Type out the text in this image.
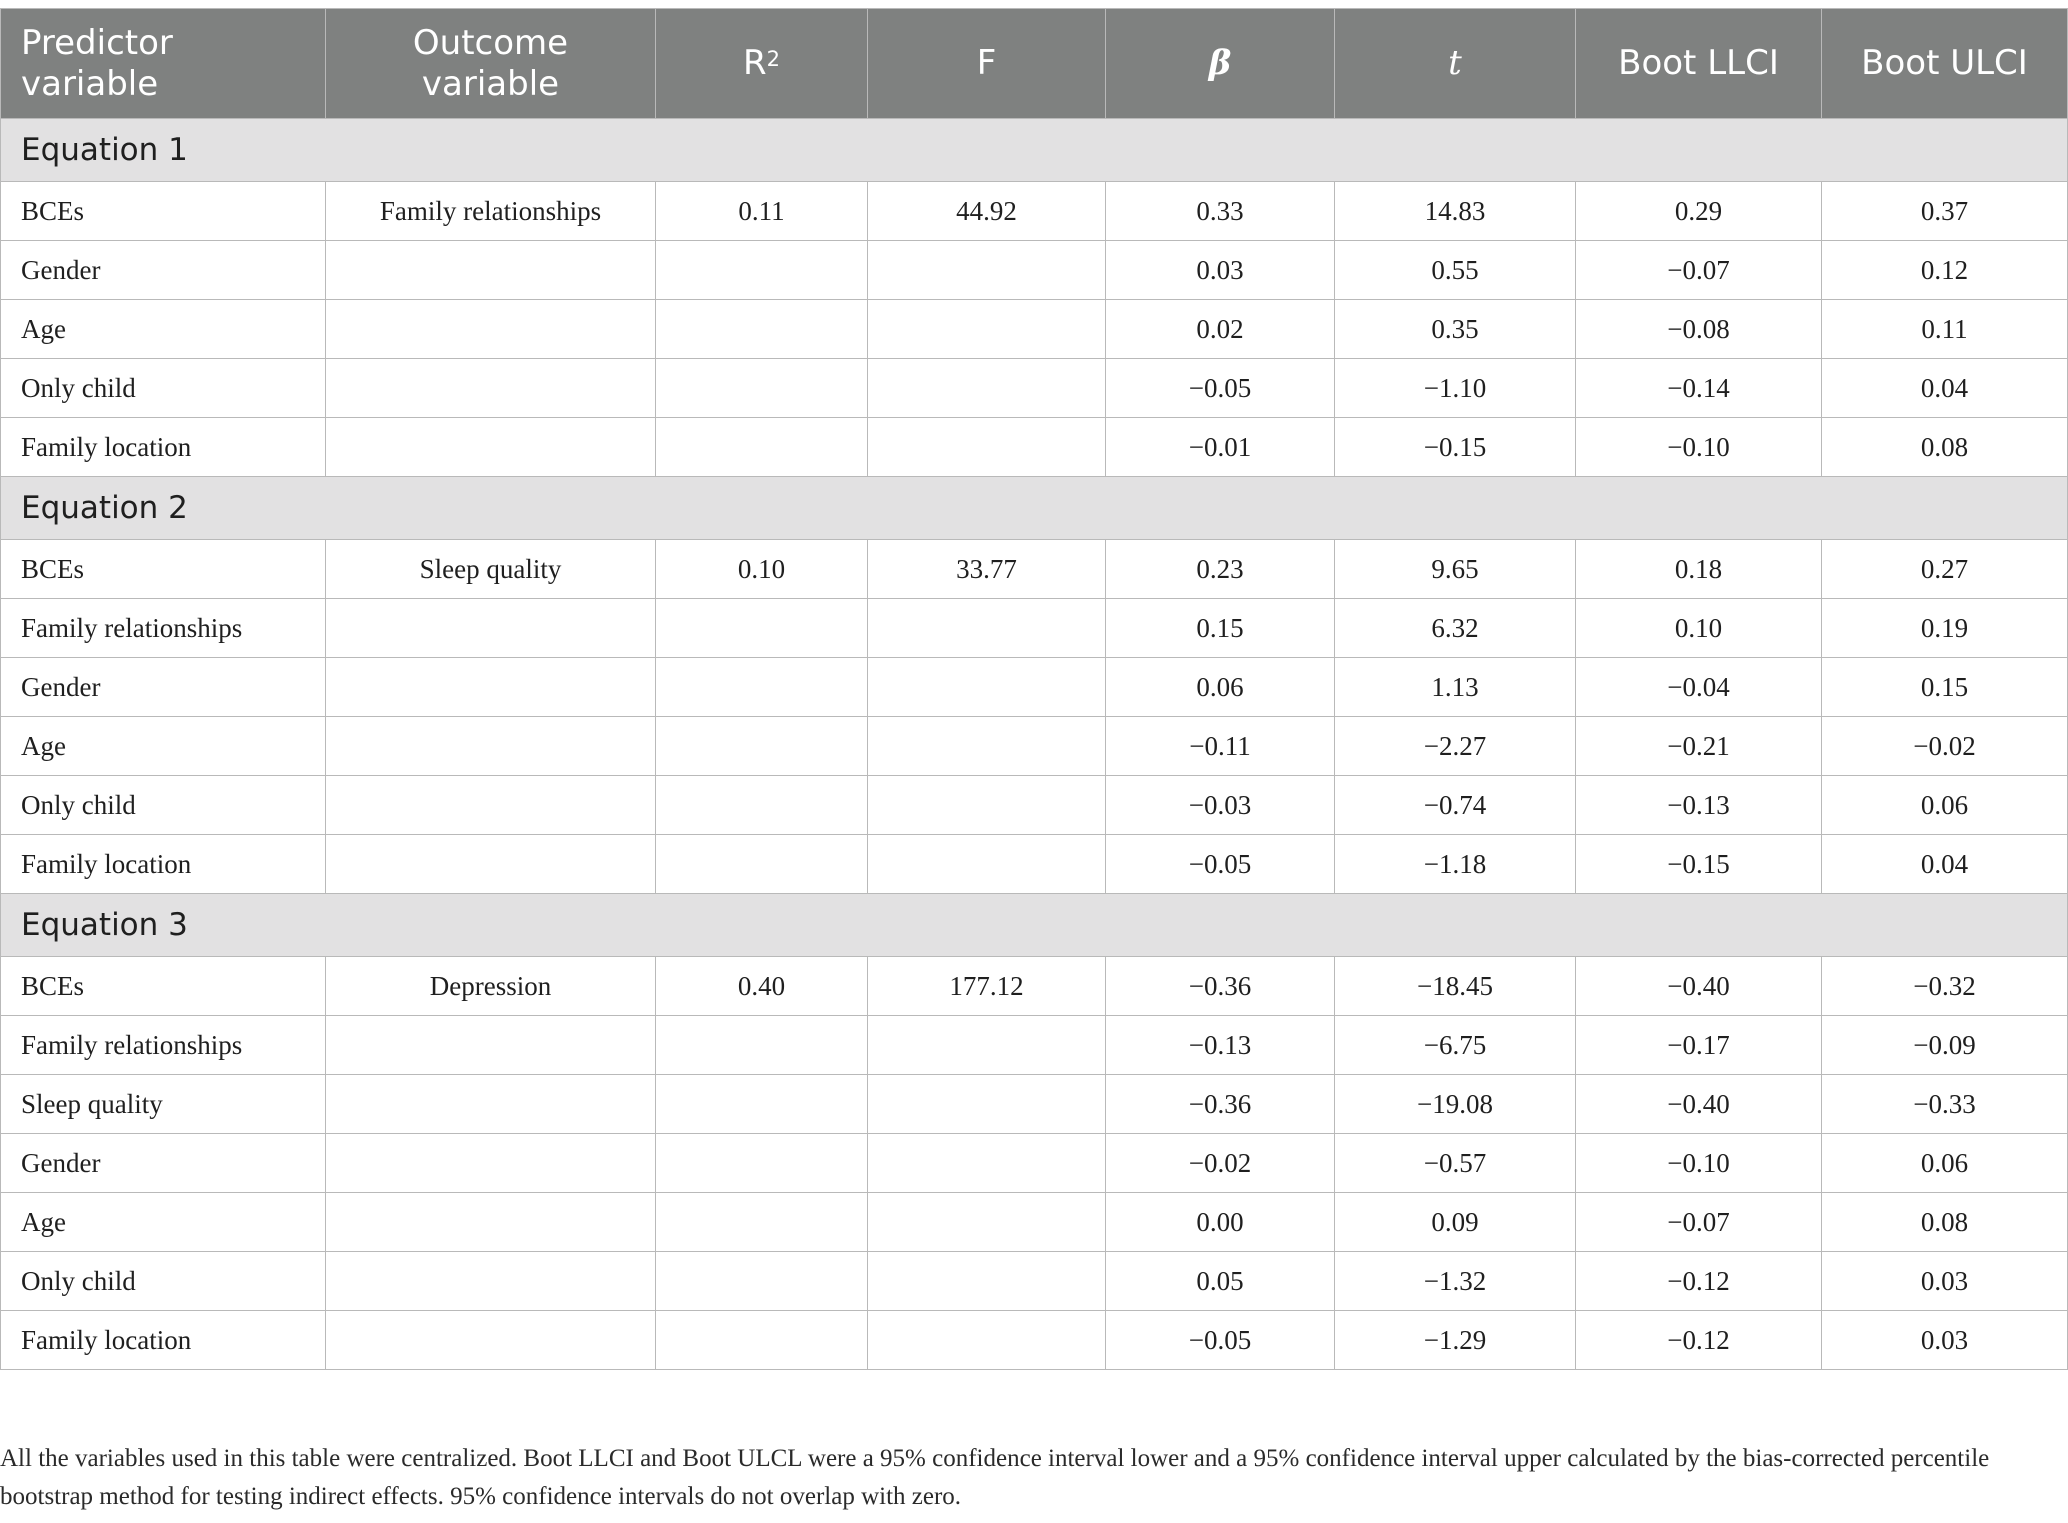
Predictor variable	Outcome variable	$R^2$	F	β	t	Boot LLCI	Boot ULCI
Equation 1							
BCEs	Family relationships	0.11	44.92	0.33	14.83	0.29	0.37
Gender				0.03	0.55	−0.07	0.12
Age				0.02	0.35	−0.08	0.11
Only child				−0.05	−1.10	−0.14	0.04
Family location				−0.01	−0.15	−0.10	0.08
Equation 2							
BCEs	Sleep quality	0.10	33.77	0.23	9.65	0.18	0.27
Family relationships				0.15	6.32	0.10	0.19
Gender				0.06	1.13	−0.04	0.15
Age				−0.11	−2.27	−0.21	−0.02
Only child				−0.03	−0.74	−0.13	0.06
Family location				−0.05	−1.18	−0.15	0.04
Equation 3							
BCEs	Depression	0.40	177.12	−0.36	−18.45	−0.40	−0.32
Family relationships				−0.13	−6.75	−0.17	−0.09
Sleep quality				−0.36	−19.08	−0.40	−0.33
Gender				−0.02	−0.57	−0.10	0.06
Age				0.00	0.09	−0.07	0.08
Only child				0.05	−1.32	−0.12	0.03
Family location				−0.05	−1.29	−0.12	0.03

All the variables used in this table were centralized. Boot LLCI and Boot ULCL were a 95% confidence interval lower and a 95% confidence interval upper calculated by the bias-corrected percentile bootstrap method for testing indirect effects. 95% confidence intervals do not overlap with zero.
